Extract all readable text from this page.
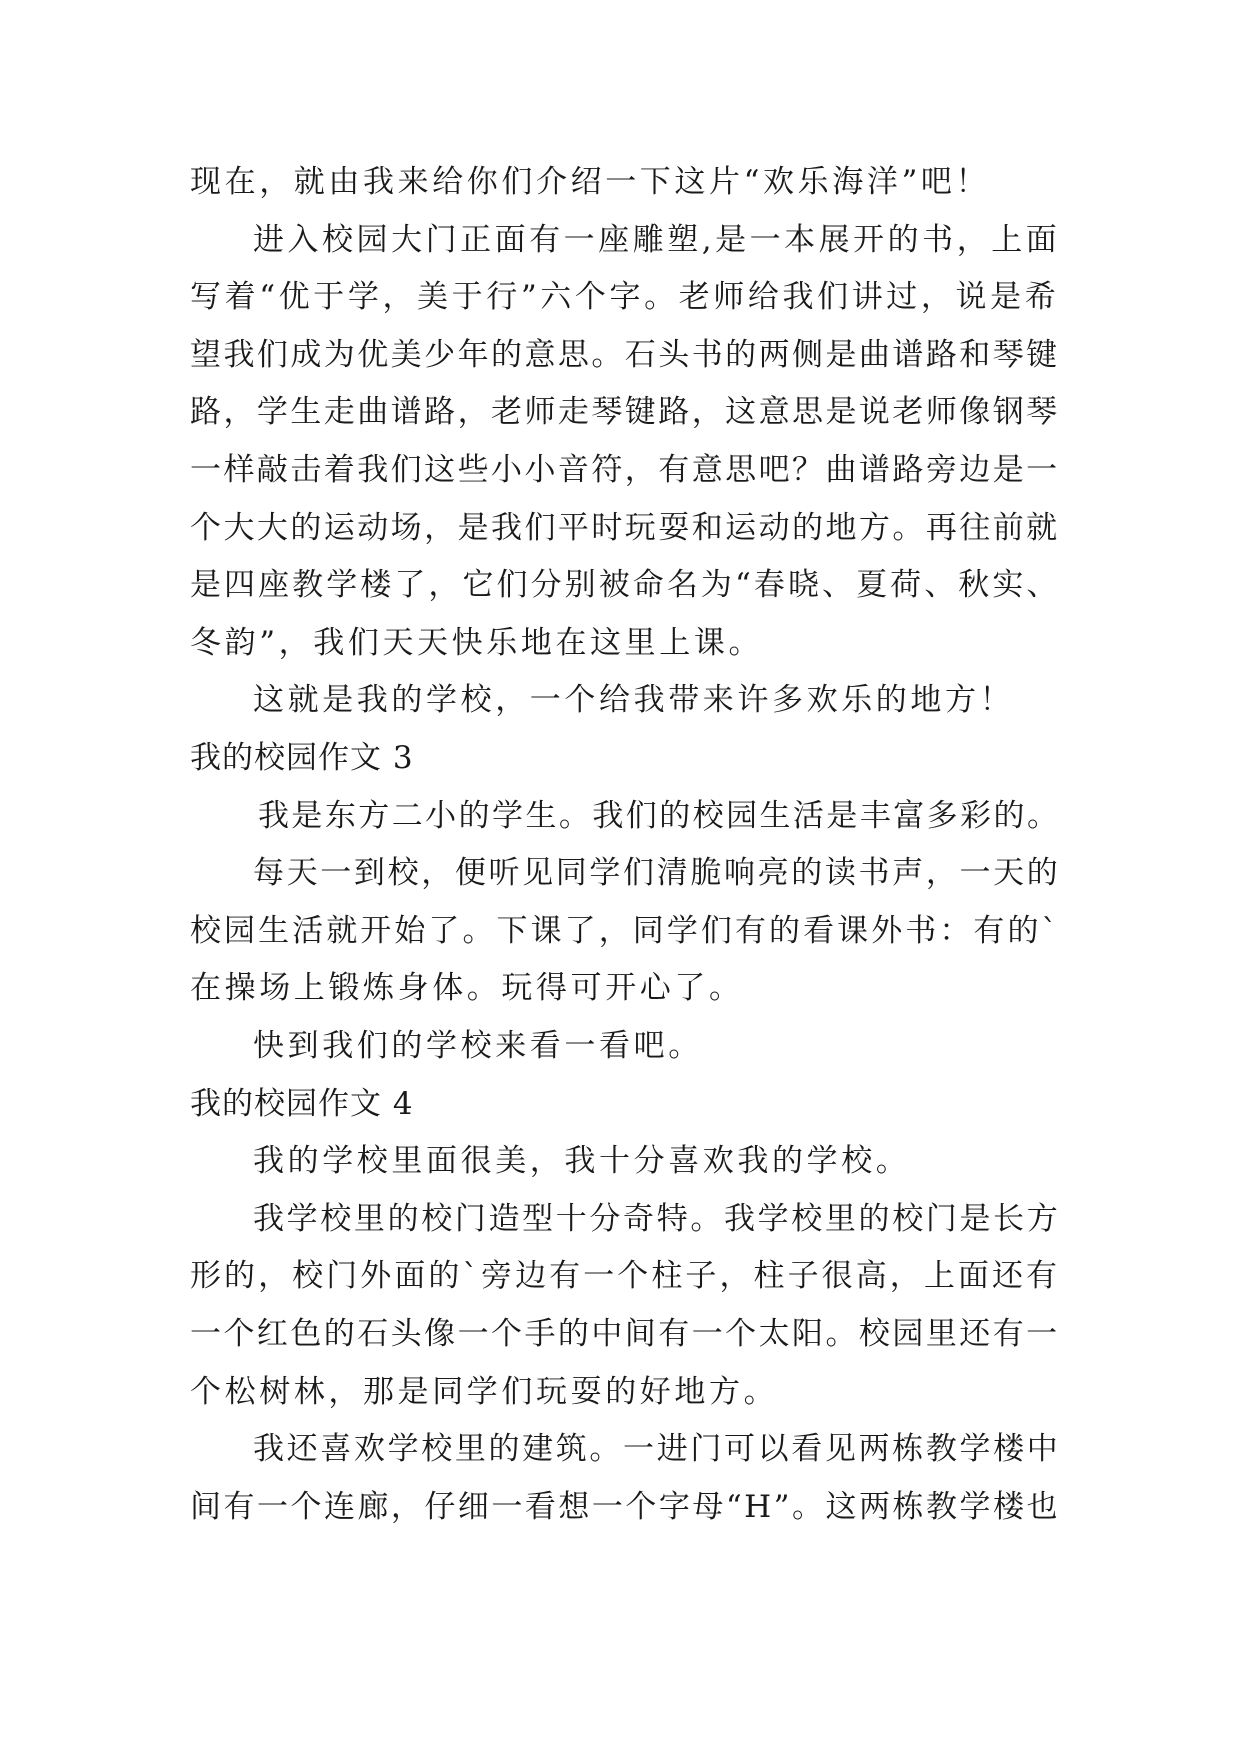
现在，就由我来给你们介绍一下这片“欢乐海洋”吧！
进入校园大门正面有一座雕塑,是一本展开的书，上面
写着“优于学，美于行”六个字。老师给我们讲过，说是希
望我们成为优美少年的意思。石头书的两侧是曲谱路和琴键
路，学生走曲谱路，老师走琴键路，这意思是说老师像钢琴
一样敲击着我们这些小小音符，有意思吧？曲谱路旁边是一
个大大的运动场，是我们平时玩耍和运动的地方。再往前就
是四座教学楼了，它们分别被命名为“春晓、夏荷、秋实、
冬韵”，我们天天快乐地在这里上课。
这就是我的学校，一个给我带来许多欢乐的地方！
我的校园作文 3
我是东方二小的学生。我们的校园生活是丰富多彩的。
每天一到校，便听见同学们清脆响亮的读书声，一天的
校园生活就开始了。下课了，同学们有的看课外书：有的`
在操场上锻炼身体。玩得可开心了。
快到我们的学校来看一看吧。
我的校园作文 4
我的学校里面很美，我十分喜欢我的学校。
我学校里的校门造型十分奇特。我学校里的校门是长方
形的，校门外面的`旁边有一个柱子，柱子很高，上面还有
一个红色的石头像一个手的中间有一个太阳。校园里还有一
个松树林，那是同学们玩耍的好地方。
我还喜欢学校里的建筑。一进门可以看见两栋教学楼中
间有一个连廊，仔细一看想一个字母“H”。这两栋教学楼也
